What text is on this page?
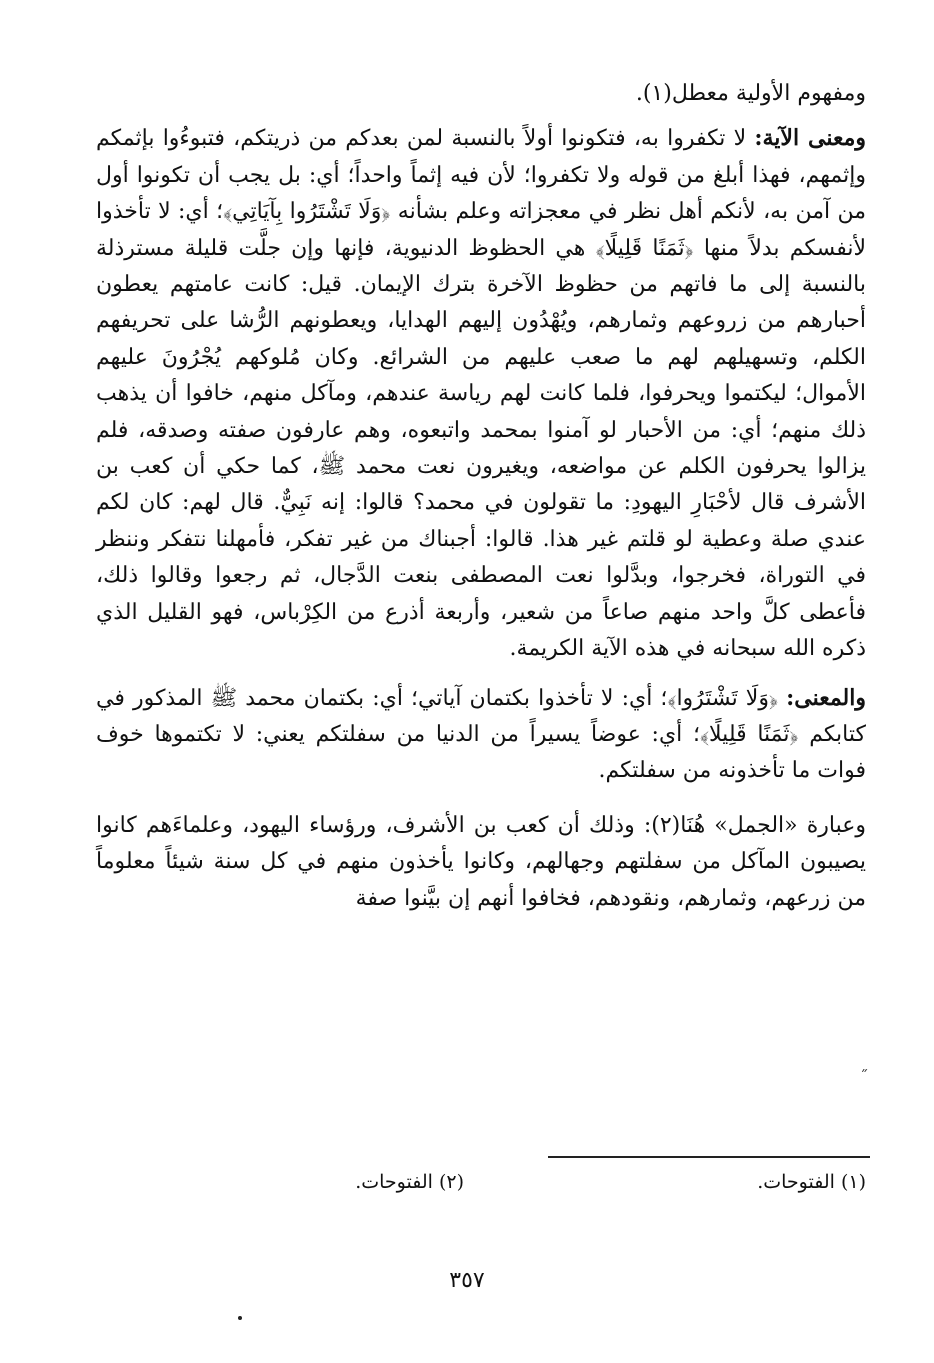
ومفهوم الأولية معطل(١).

ومعنى الآية: لا تكفروا به، فتكونوا أولاً بالنسبة لمن بعدكم من ذريتكم، فتبوءُوا بإثمكم وإثمهم، فهذا أبلغ من قوله ولا تكفروا؛ لأن فيه إثماً واحداً؛ أي: بل يجب أن تكونوا أول من آمن به، لأنكم أهل نظر في معجزاته وعلم بشأنه ﴿وَلَا تَشْتَرُوا بِآيَاتِي﴾؛ أي: لا تأخذوا لأنفسكم بدلاً منها ﴿ثَمَنًا قَلِيلًا﴾ هي الحظوظ الدنيوية، فإنها وإن جلَّت قليلة مسترذلة بالنسبة إلى ما فاتهم من حظوظ الآخرة بترك الإيمان. قيل: كانت عامتهم يعطون أحبارهم من زروعهم وثمارهم، ويُهْدُون إليهم الهدايا، ويعطونهم الرُّشا على تحريفهم الكلم، وتسهيلهم لهم ما صعب عليهم من الشرائع. وكان مُلوكهم يُجْرُونَ عليهم الأموال؛ ليكتموا ويحرفوا، فلما كانت لهم رياسة عندهم، ومآكل منهم، خافوا أن يذهب ذلك منهم؛ أي: من الأحبار لو آمنوا بمحمد واتبعوه، وهم عارفون صفته وصدقه، فلم يزالوا يحرفون الكلم عن مواضعه، ويغيرون نعت محمد ﷺ، كما حكي أن كعب بن الأشرف قال لأحْبَارِ اليهودِ: ما تقولون في محمد؟ قالوا: إنه نَبِيٌّ. قال لهم: كان لكم عندي صلة وعطية لو قلتم غير هذا. قالوا: أجبناك من غير تفكر، فأمهلنا نتفكر وننظر في التوراة، فخرجوا، وبدَّلوا نعت المصطفى بنعت الدَّجال، ثم رجعوا وقالوا ذلك، فأعطى كلَّ واحد منهم صاعاً من شعير، وأربعة أذرع من الكِرْباس، فهو القليل الذي ذكره الله سبحانه في هذه الآية الكريمة.

والمعنى: ﴿وَلَا تَشْتَرُوا﴾؛ أي: لا تأخذوا بكتمان آياتي؛ أي: بكتمان محمد ﷺ المذكور في كتابكم ﴿ثَمَنًا قَلِيلًا﴾؛ أي: عوضاً يسيراً من الدنيا من سفلتكم يعني: لا تكتموها خوف فوات ما تأخذونه من سفلتكم.

وعبارة «الجمل» هُنَا(٢): وذلك أن كعب بن الأشرف، ورؤساء اليهود، وعلماءَهم كانوا يصيبون المآكل من سفلتهم وجهالهم، وكانوا يأخذون منهم في كل سنة شيئاً معلوماً من زرعهم، وثمارهم، ونقودهم، فخافوا أنهم إن بيَّنوا صفة

˝
(١) الفتوحات.
(٢) الفتوحات.
٣٥٧
